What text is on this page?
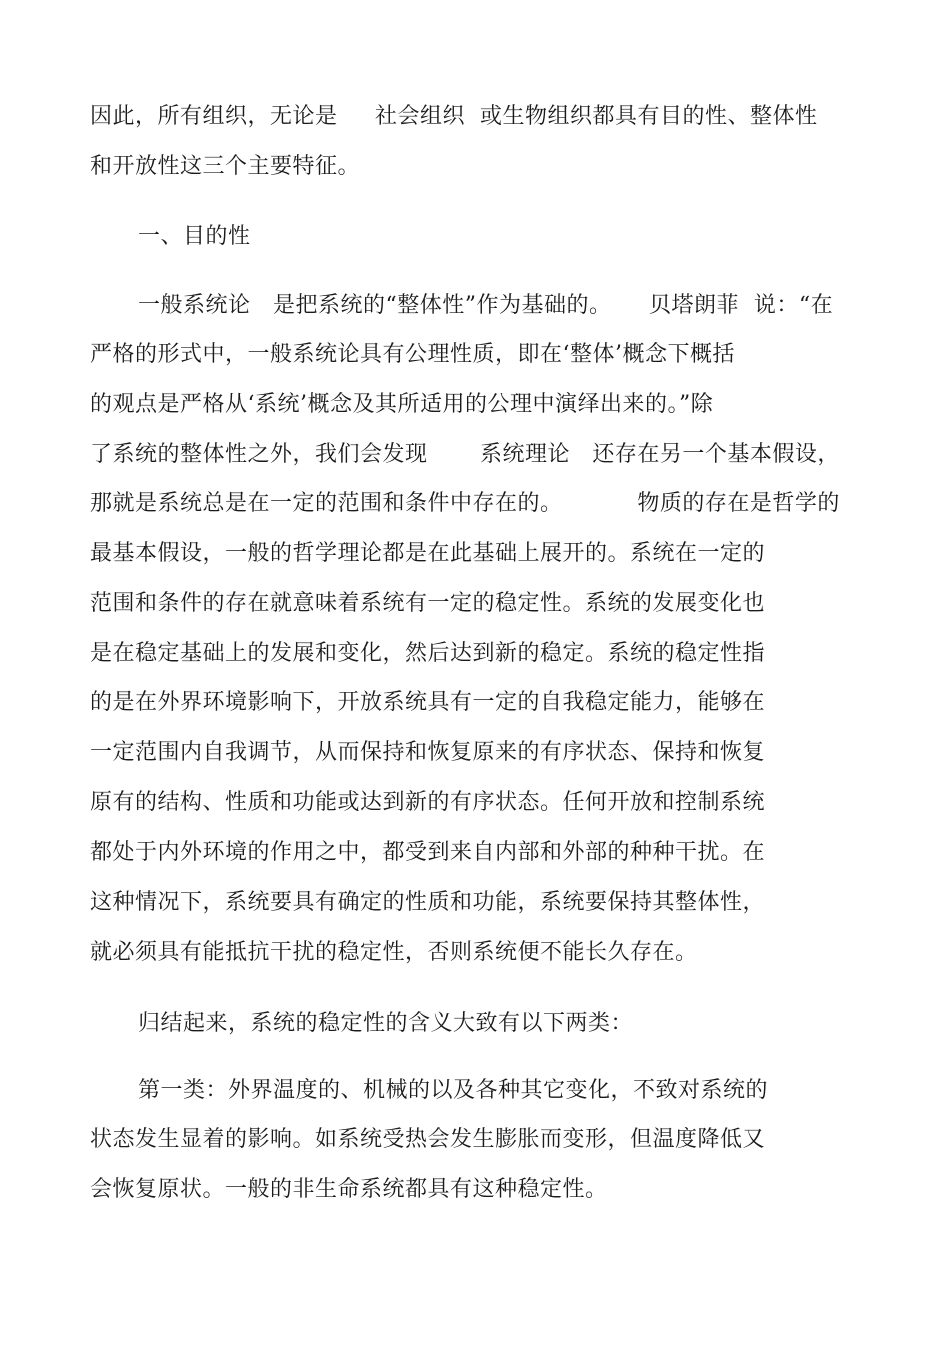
因此，所有组织，无论是     社会组织  或生物组织都具有目的性、整体性
和开放性这三个主要特征。
一、目的性
一般系统论   是把系统的“整体性”作为基础的。     贝塔朗菲  说：“在
严格的形式中，一般系统论具有公理性质，即在‘整体’概念下概括
的观点是严格从‘系统’概念及其所适用的公理中演绎出来的。”除
了系统的整体性之外，我们会发现       系统理论   还存在另一个基本假设，
那就是系统总是在一定的范围和条件中存在的。          物质的存在是哲学的
最基本假设，一般的哲学理论都是在此基础上展开的。系统在一定的
范围和条件的存在就意味着系统有一定的稳定性。系统的发展变化也
是在稳定基础上的发展和变化，然后达到新的稳定。系统的稳定性指
的是在外界环境影响下，开放系统具有一定的自我稳定能力，能够在
一定范围内自我调节，从而保持和恢复原来的有序状态、保持和恢复
原有的结构、性质和功能或达到新的有序状态。任何开放和控制系统
都处于内外环境的作用之中，都受到来自内部和外部的种种干扰。在
这种情况下，系统要具有确定的性质和功能，系统要保持其整体性，
就必须具有能抵抗干扰的稳定性，否则系统便不能长久存在。
归结起来，系统的稳定性的含义大致有以下两类：
第一类：外界温度的、机械的以及各种其它变化，不致对系统的
状态发生显着的影响。如系统受热会发生膨胀而变形，但温度降低又
会恢复原状。一般的非生命系统都具有这种稳定性。
